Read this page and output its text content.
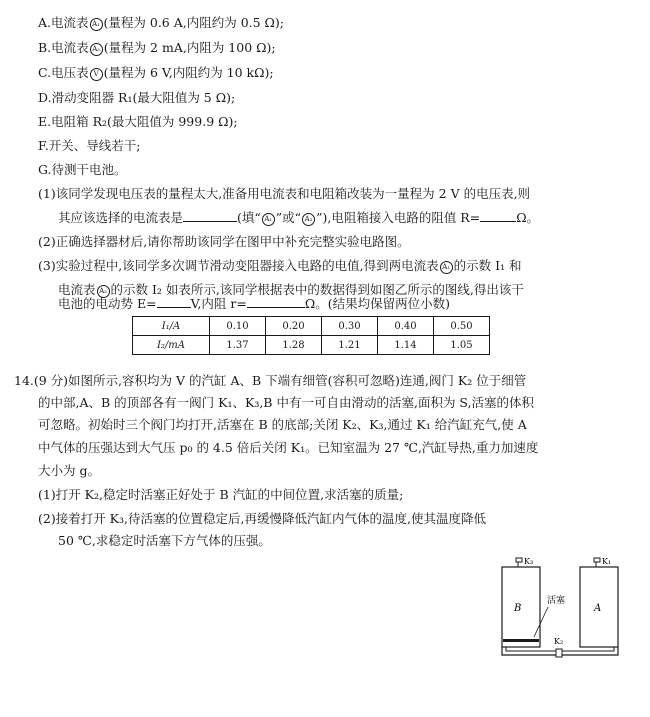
A.电流表 A₁ (量程为 0.6 A,内阻约为 0.5 Ω);
B.电流表 A₂ (量程为 2 mA,内阻为 100 Ω);
C.电压表 V (量程为 6 V,内阻约为 10 kΩ);
D.滑动变阻器 R₁(最大阻值为 5 Ω);
E.电阻箱 R₂(最大阻值为 999.9 Ω);
F.开关、导线若干;
G.待测干电池。
(1)该同学发现电压表的量程太大,准备用电流表和电阻箱改装为一量程为 2 V 的电压表,则
其应该选择的电流表是	(填“ A₁ ”或“ A₂ ”),电阻箱接入电路的阻值 R=	Ω。
(2)正确选择器材后,请你帮助该同学在图甲中补充完整实验电路图。
(3)实验过程中,该同学多次调节滑动变阻器接入电路的电值,得到两电流表 A₁ 的示数 I₁ 和
电流表 A₂ 的示数 I₂ 如表所示,该同学根据表中的数据得到如图乙所示的图线,得出该干
电池的电动势 E=	V,内阻 r=	Ω。(结果均保留两位小数)
I₁/A	0.10	0.20	0.30	0.40	0.50
I₂/mA	1.37	1.28	1.21	1.14	1.05
14.(9 分)如图所示,容积均为 V 的汽缸 A、B 下端有细管(容积可忽略)连通,阀门 K₂ 位于细管
的中部,A、B 的顶部各有一阀门 K₁、K₃,B 中有一可自由滑动的活塞,面积为 S,活塞的体积
可忽略。初始时三个阀门均打开,活塞在 B 的底部;关闭 K₂、K₃,通过 K₁ 给汽缸充气,使 A
中气体的压强达到大气压 p₀ 的 4.5 倍后关闭 K₁。已知室温为 27 ℃,汽缸导热,重力加速度
大小为 g。
(1)打开 K₂,稳定时活塞正好处于 B 汽缸的中间位置,求活塞的质量;
(2)接着打开 K₃,待活塞的位置稳定后,再缓慢降低汽缸内气体的温度,使其温度降低
50 ℃,求稳定时活塞下方气体的压强。
B	A
活塞
K₃	K₁
K₂
